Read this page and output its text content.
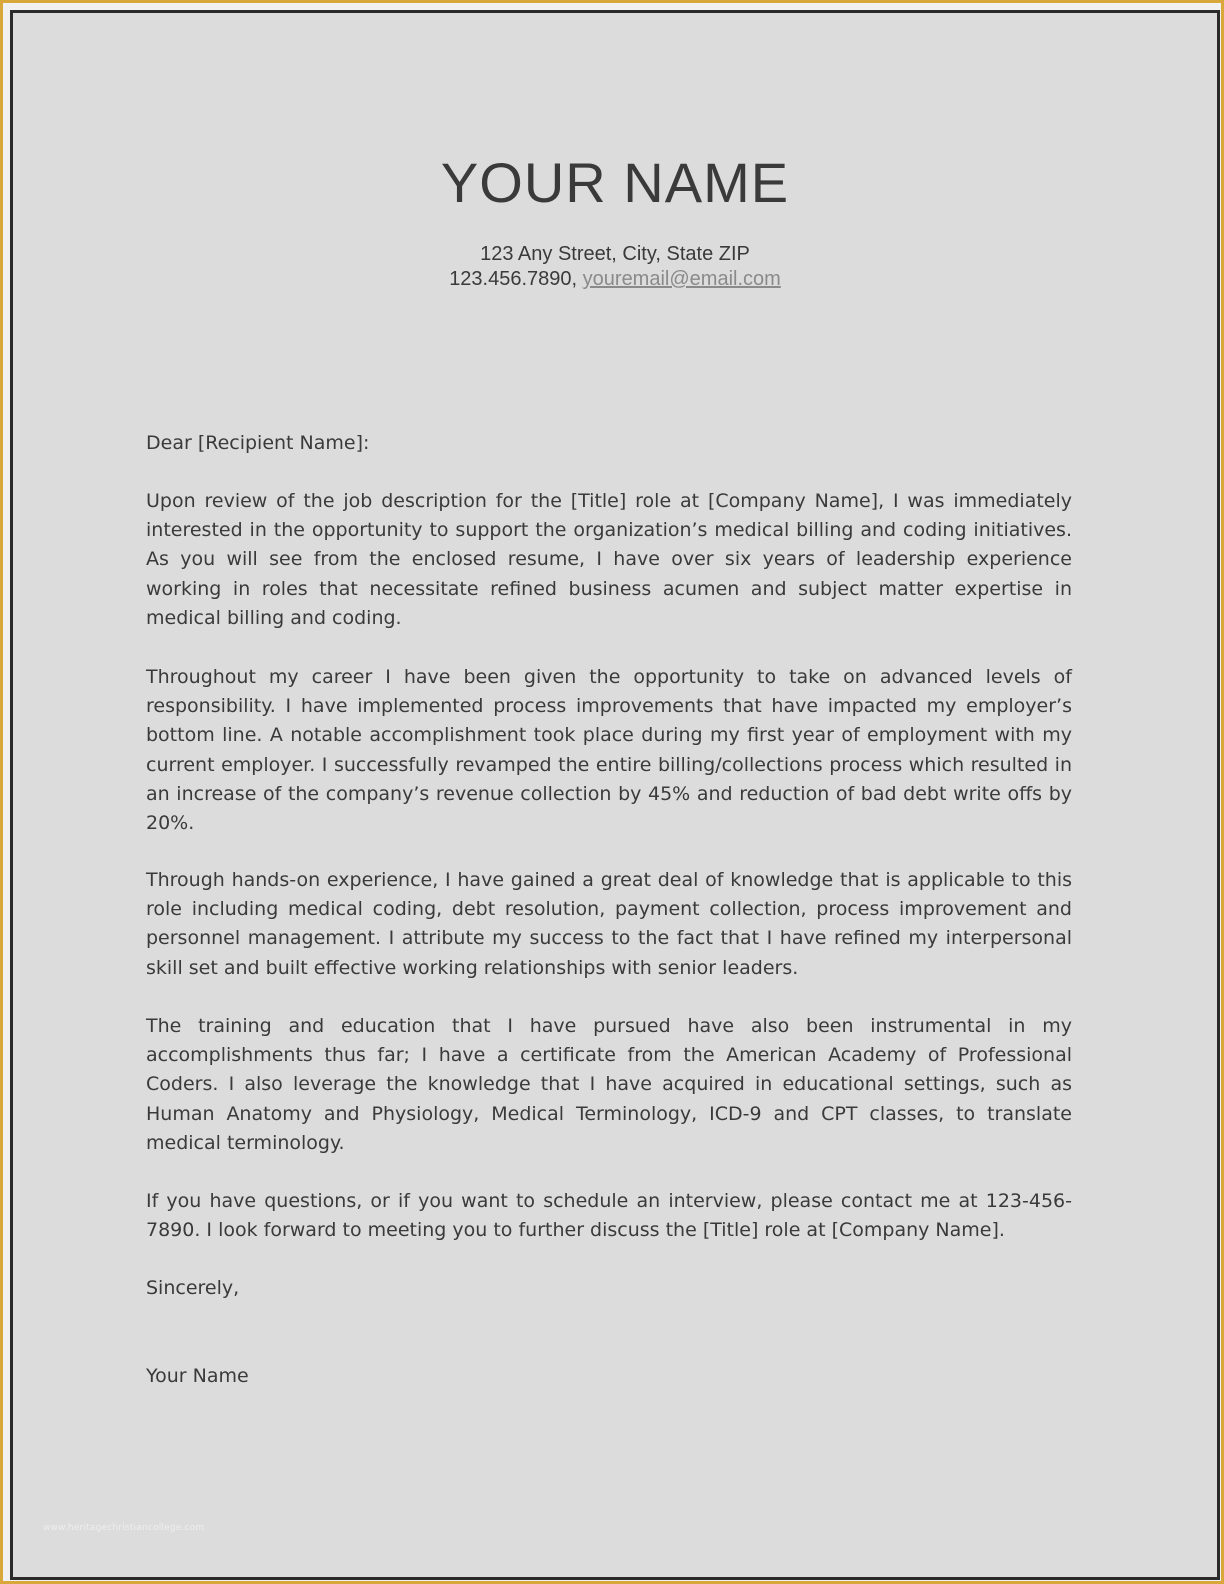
YOUR NAME
123 Any Street, City, State ZIP
123.456.7890, youremail@email.com
Dear [Recipient Name]:
Upon review of the job description for the [Title] role at [Company Name], I was immediately interested in the opportunity to support the organization’s medical billing and coding initiatives. As you will see from the enclosed resume, I have over six years of leadership experience working in roles that necessitate refined business acumen and subject matter expertise in medical billing and coding.
Throughout my career I have been given the opportunity to take on advanced levels of responsibility. I have implemented process improvements that have impacted my employer’s bottom line. A notable accomplishment took place during my first year of employment with my current employer. I successfully revamped the entire billing/collections process which resulted in an increase of the company’s revenue collection by 45% and reduction of bad debt write offs by 20%.
Through hands-on experience, I have gained a great deal of knowledge that is applicable to this role including medical coding, debt resolution, payment collection, process improvement and personnel management. I attribute my success to the fact that I have refined my interpersonal skill set and built effective working relationships with senior leaders.
The training and education that I have pursued have also been instrumental in my accomplishments thus far; I have a certificate from the American Academy of Professional Coders. I also leverage the knowledge that I have acquired in educational settings, such as Human Anatomy and Physiology, Medical Terminology, ICD-9 and CPT classes, to translate medical terminology.
If you have questions, or if you want to schedule an interview, please contact me at 123-456-7890. I look forward to meeting you to further discuss the [Title] role at [Company Name].
Sincerely,
Your Name
www.heritagechristiancollege.com
